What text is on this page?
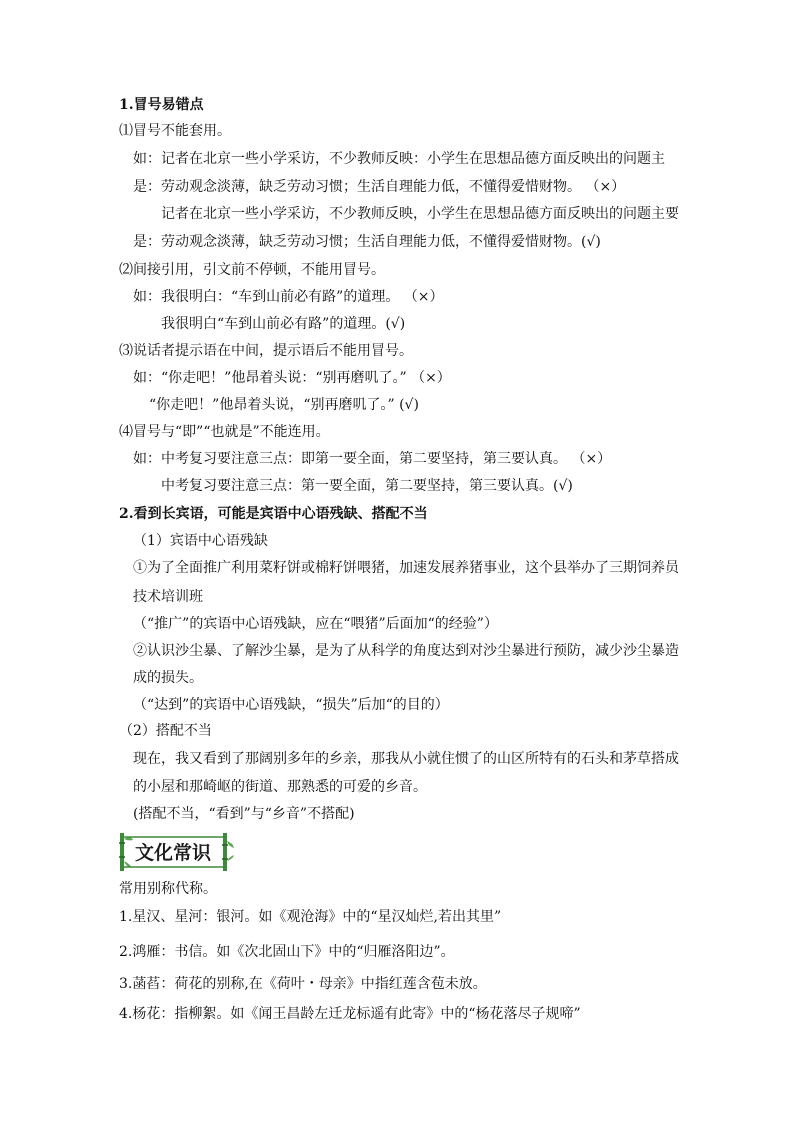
1.冒号易错点
⑴冒号不能套用。
如：记者在北京一些小学采访，不少教师反映：小学生在思想品德方面反映出的问题主
是：劳动观念淡薄，缺乏劳动习惯；生活自理能力低，不懂得爱惜财物。 （×）
记者在北京一些小学采访，不少教师反映，小学生在思想品德方面反映出的问题主要
是：劳动观念淡薄，缺乏劳动习惯；生活自理能力低，不懂得爱惜财物。(√)
⑵间接引用，引文前不停顿，不能用冒号。
如：我很明白：“车到山前必有路”的道理。 （×）
我很明白“车到山前必有路”的道理。(√)
⑶说话者提示语在中间，提示语后不能用冒号。
如：“你走吧！”他昂着头说：“别再磨叽了。” （×）
“你走吧！”他昂着头说，“别再磨叽了。” (√)
⑷冒号与“即”“也就是”不能连用。
如：中考复习要注意三点：即第一要全面，第二要坚持，第三要认真。 （×）
中考复习要注意三点：第一要全面，第二要坚持，第三要认真。(√)
2.看到长宾语，可能是宾语中心语残缺、搭配不当
（1）宾语中心语残缺
①为了全面推广利用菜籽饼或棉籽饼喂猪，加速发展养猪事业，这个县举办了三期饲养员
技术培训班
（“推广”的宾语中心语残缺，应在“喂猪”后面加“的经验”）
②认识沙尘暴、了解沙尘暴，是为了从科学的角度达到对沙尘暴进行预防，减少沙尘暴造
成的损失。
（“达到”的宾语中心语残缺，“损失”后加“的目的）
（2）搭配不当
现在，我又看到了那阔别多年的乡亲，那我从小就住惯了的山区所特有的石头和茅草搭成
的小屋和那崎岖的街道、那熟悉的可爱的乡音。
(搭配不当，“看到”与“乡音”不搭配)
文化常识
常用别称代称。
1.星汉、星河：银河。如《观沧海》中的“星汉灿烂,若出其里”
2.鸿雁：书信。如《次北固山下》中的“归雁洛阳边”。
3.菡萏：荷花的别称,在《荷叶・母亲》中指红莲含苞未放。
4.杨花：指柳絮。如《闻王昌龄左迁龙标遥有此寄》中的“杨花落尽子规啼”
